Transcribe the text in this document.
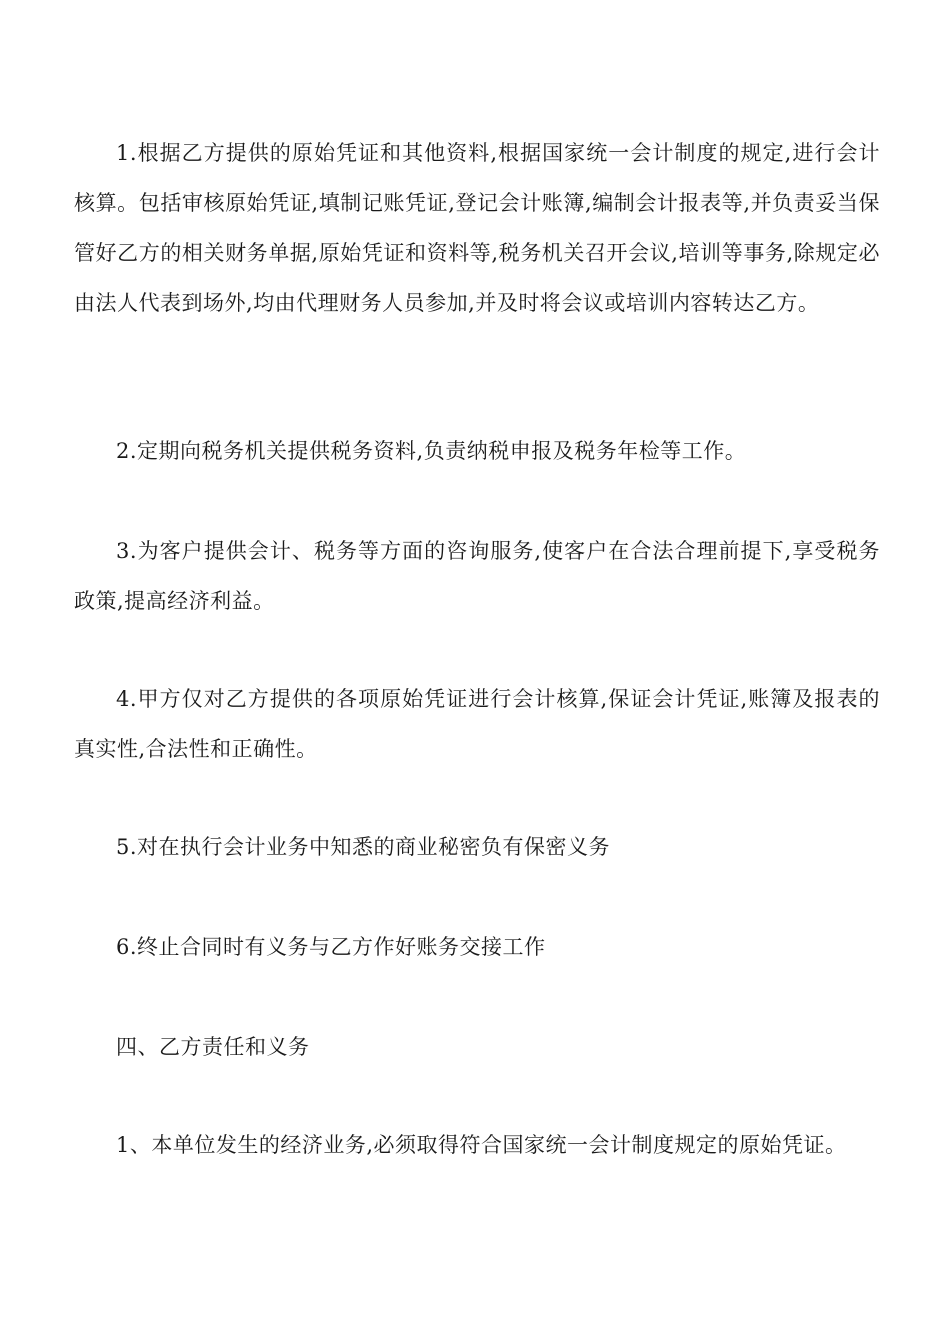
1.根据乙方提供的原始凭证和其他资料,根据国家统一会计制度的规定,进行会计核算。包括审核原始凭证,填制记账凭证,登记会计账簿,编制会计报表等,并负责妥当保管好乙方的相关财务单据,原始凭证和资料等,税务机关召开会议,培训等事务,除规定必由法人代表到场外,均由代理财务人员参加,并及时将会议或培训内容转达乙方。

2.定期向税务机关提供税务资料,负责纳税申报及税务年检等工作。

3.为客户提供会计、税务等方面的咨询服务,使客户在合法合理前提下,享受税务政策,提高经济利益。

4.甲方仅对乙方提供的各项原始凭证进行会计核算,保证会计凭证,账簿及报表的真实性,合法性和正确性。

5.对在执行会计业务中知悉的商业秘密负有保密义务

6.终止合同时有义务与乙方作好账务交接工作

四、乙方责任和义务

1、本单位发生的经济业务,必须取得符合国家统一会计制度规定的原始凭证。
